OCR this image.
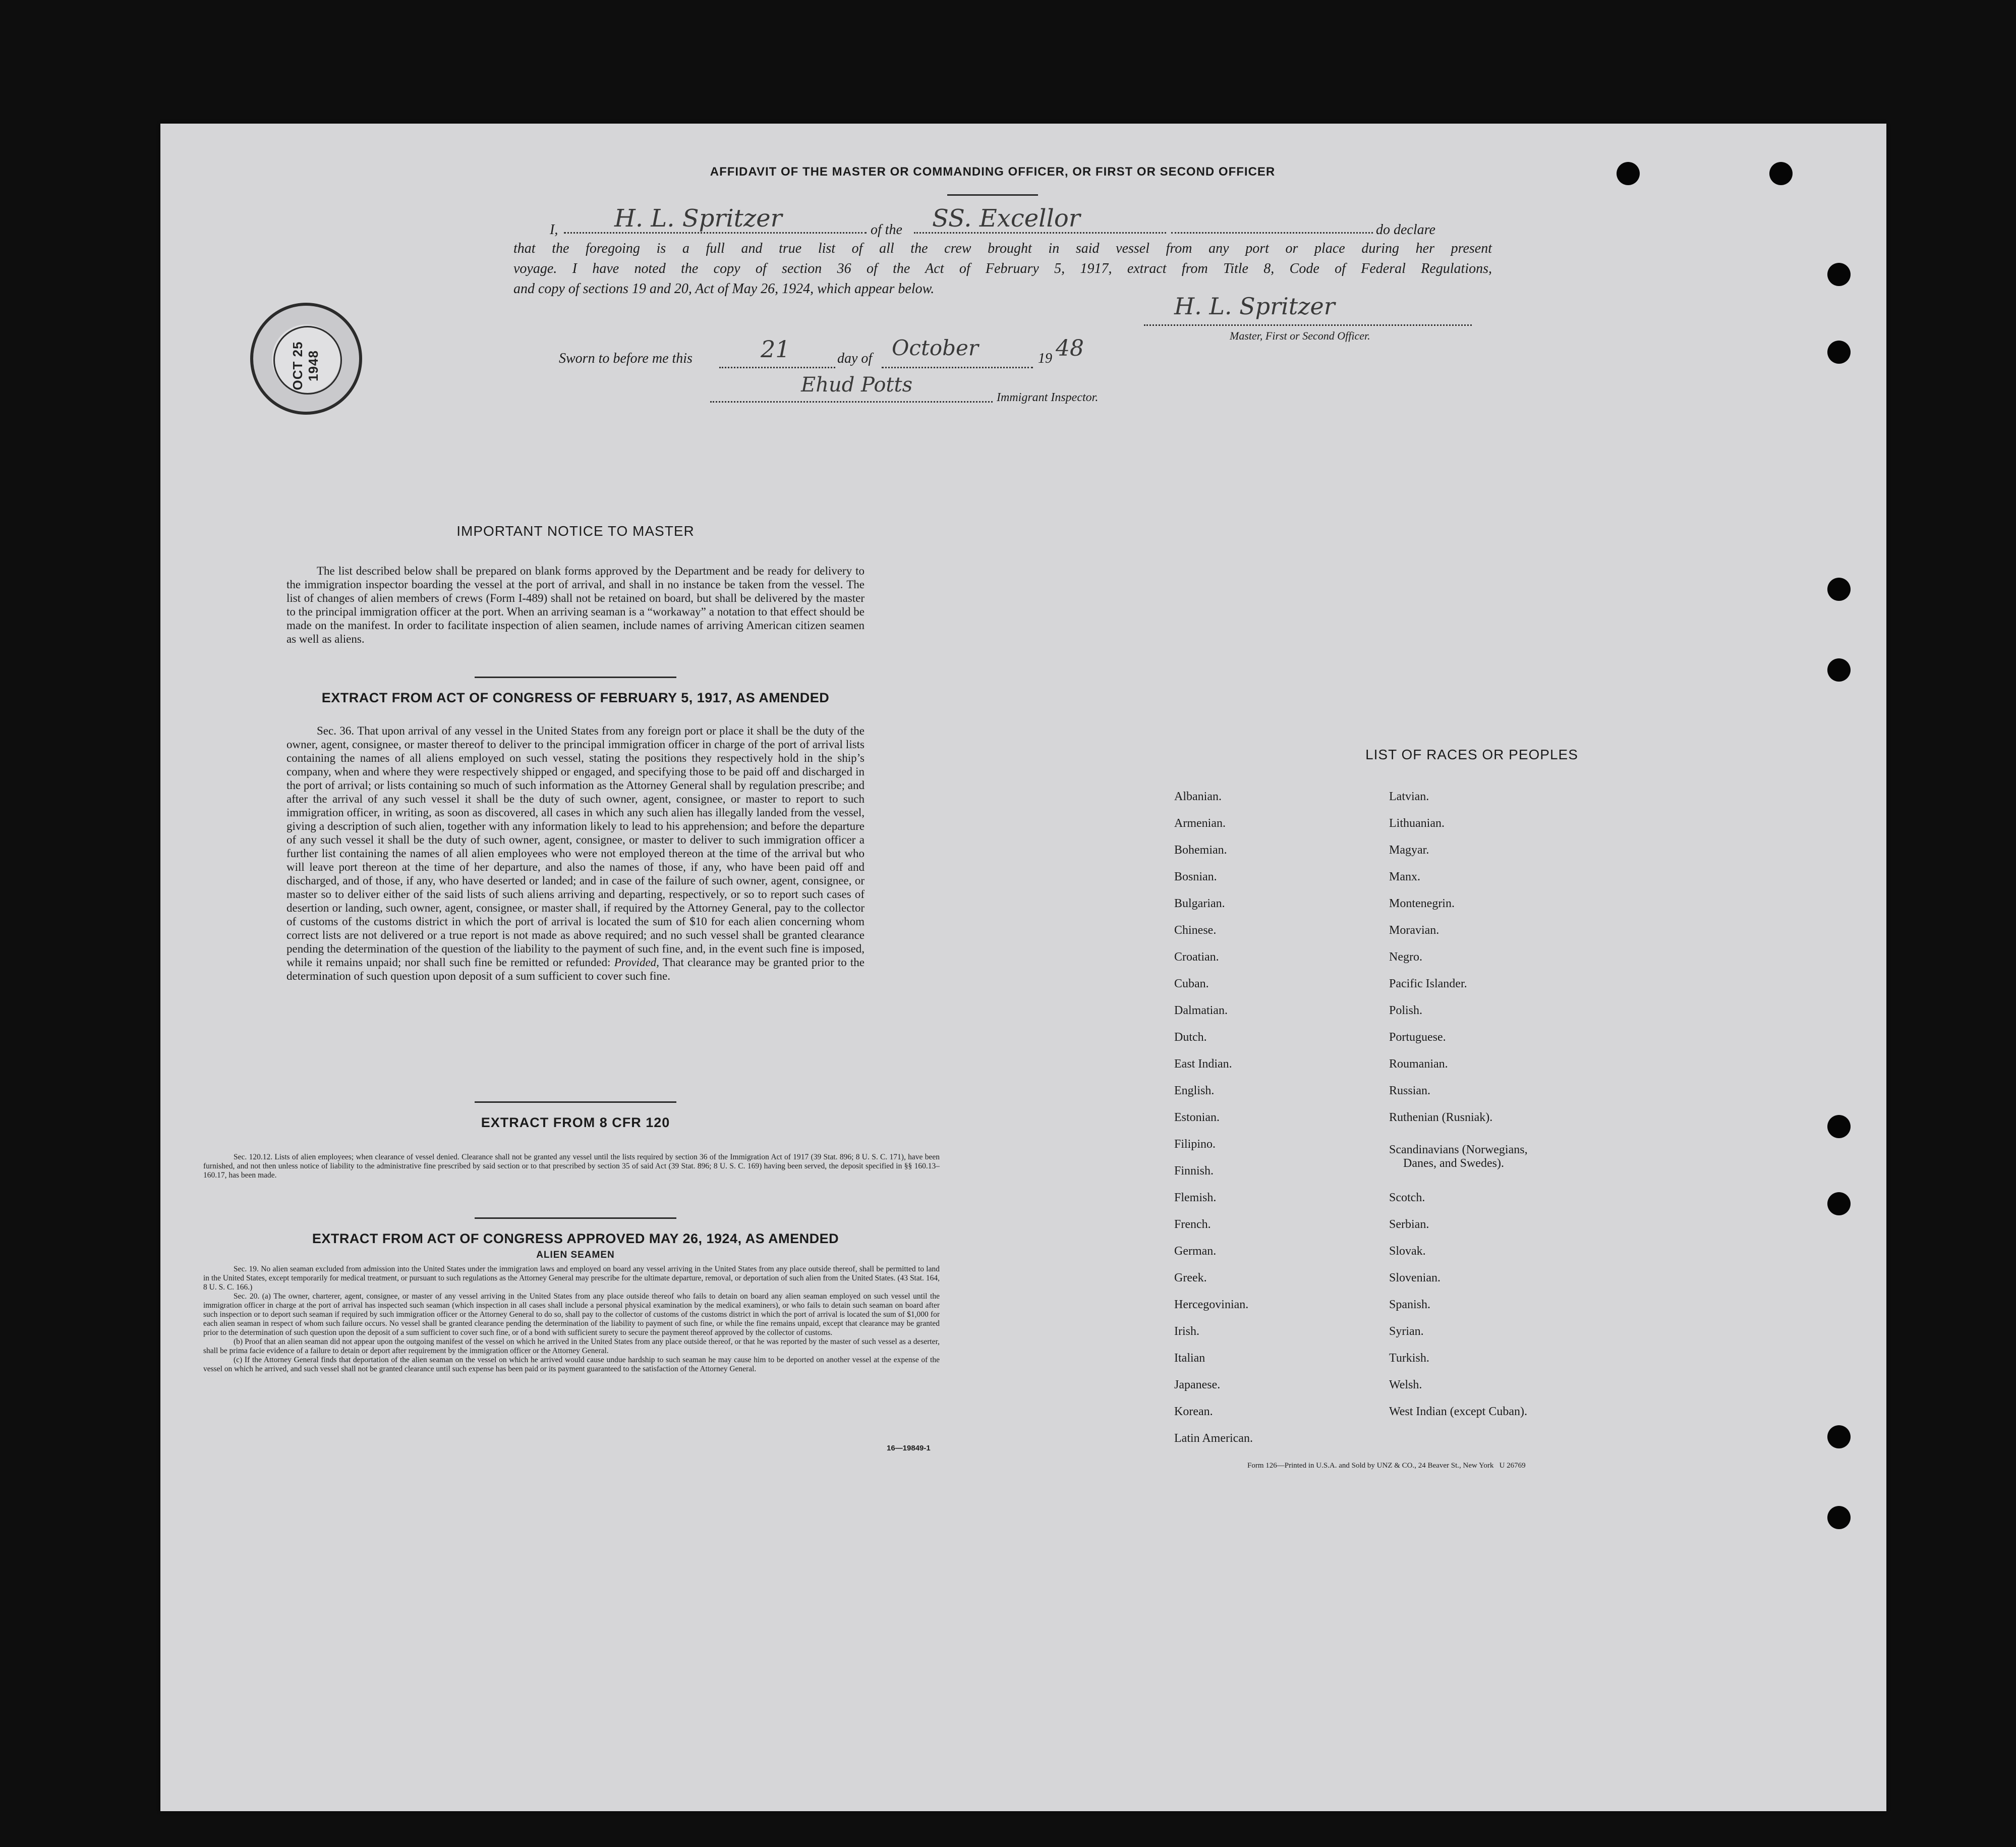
AFFIDAVIT OF THE MASTER OR COMMANDING OFFICER, OR FIRST OR SECOND OFFICER
I, H. L. Spritzer	of the SS. Excellor	do declare
that the foregoing is a full and true list of all the crew brought in said vessel from any port or place during her present
voyage. I have noted the copy of section 36 of the Act of February 5, 1917, extract from Title 8, Code of Federal Regulations,
and copy of sections 19 and 20, Act of May 26, 1924, which appear below.
H. L. Spritzer
Master, First or Second Officer.
Sworn to before me this	21	day of October	19 48
Ehud Potts
Immigrant Inspector.
OCT 25 1948
IMPORTANT NOTICE TO MASTER
The list described below shall be prepared on blank forms approved by the Department and be ready for delivery to the immigration inspector boarding the vessel at the port of arrival, and shall in no instance be taken from the vessel. The list of changes of alien members of crews (Form I-489) shall not be retained on board, but shall be delivered by the master to the principal immigration officer at the port. When an arriving seaman is a “workaway” a notation to that effect should be made on the manifest. In order to facilitate inspection of alien seamen, include names of arriving American citizen seamen as well as aliens.
EXTRACT FROM ACT OF CONGRESS OF FEBRUARY 5, 1917, AS AMENDED
Sec. 36. That upon arrival of any vessel in the United States from any foreign port or place it shall be the duty of the owner, agent, consignee, or master thereof to deliver to the principal immigration officer in charge of the port of arrival lists containing the names of all aliens employed on such vessel, stating the positions they respectively hold in the ship’s company, when and where they were respectively shipped or engaged, and specifying those to be paid off and discharged in the port of arrival; or lists containing so much of such information as the Attorney General shall by regulation prescribe; and after the arrival of any such vessel it shall be the duty of such owner, agent, consignee, or master to report to such immigration officer, in writing, as soon as discovered, all cases in which any such alien has illegally landed from the vessel, giving a description of such alien, together with any information likely to lead to his apprehension; and before the departure of any such vessel it shall be the duty of such owner, agent, consignee, or master to deliver to such immigration officer a further list containing the names of all alien employees who were not employed thereon at the time of the arrival but who will leave port thereon at the time of her departure, and also the names of those, if any, who have been paid off and discharged, and of those, if any, who have deserted or landed; and in case of the failure of such owner, agent, consignee, or master so to deliver either of the said lists of such aliens arriving and departing, respectively, or so to report such cases of desertion or landing, such owner, agent, consignee, or master shall, if required by the Attorney General, pay to the collector of customs of the customs district in which the port of arrival is located the sum of $10 for each alien concerning whom correct lists are not delivered or a true report is not made as above required; and no such vessel shall be granted clearance pending the determination of the question of the liability to the payment of such fine, and, in the event such fine is imposed, while it remains unpaid; nor shall such fine be remitted or refunded: Provided, That clearance may be granted prior to the determination of such question upon deposit of a sum sufficient to cover such fine.
EXTRACT FROM 8 CFR 120
Sec. 120.12. Lists of alien employees; when clearance of vessel denied. Clearance shall not be granted any vessel until the lists required by section 36 of the Immigration Act of 1917 (39 Stat. 896; 8 U. S. C. 171), have been furnished, and not then unless notice of liability to the administrative fine prescribed by said section or to that prescribed by section 35 of said Act (39 Stat. 896; 8 U. S. C. 169) having been served, the deposit specified in §§ 160.13–160.17, has been made.
EXTRACT FROM ACT OF CONGRESS APPROVED MAY 26, 1924, AS AMENDED
ALIEN SEAMEN
Sec. 19. No alien seaman excluded from admission into the United States under the immigration laws and employed on board any vessel arriving in the United States from any place outside thereof, shall be permitted to land in the United States, except temporarily for medical treatment, or pursuant to such regulations as the Attorney General may prescribe for the ultimate departure, removal, or deportation of such alien from the United States. (43 Stat. 164, 8 U. S. C. 166.)
Sec. 20. (a) The owner, charterer, agent, consignee, or master of any vessel arriving in the United States from any place outside thereof who fails to detain on board any alien seaman employed on such vessel until the immigration officer in charge at the port of arrival has inspected such seaman (which inspection in all cases shall include a personal physical examination by the medical examiners), or who fails to detain such seaman on board after such inspection or to deport such seaman if required by such immigration officer or the Attorney General to do so, shall pay to the collector of customs of the customs district in which the port of arrival is located the sum of $1,000 for each alien seaman in respect of whom such failure occurs. No vessel shall be granted clearance pending the determination of the liability to payment of such fine, or while the fine remains unpaid, except that clearance may be granted prior to the determination of such question upon the deposit of a sum sufficient to cover such fine, or of a bond with sufficient surety to secure the payment thereof approved by the collector of customs.
(b) Proof that an alien seaman did not appear upon the outgoing manifest of the vessel on which he arrived in the United States from any place outside thereof, or that he was reported by the master of such vessel as a deserter, shall be prima facie evidence of a failure to detain or deport after requirement by the immigration officer or the Attorney General.
(c) If the Attorney General finds that deportation of the alien seaman on the vessel on which he arrived would cause undue hardship to such seaman he may cause him to be deported on another vessel at the expense of the vessel on which he arrived, and such vessel shall not be granted clearance until such expense has been paid or its payment guaranteed to the satisfaction of the Attorney General.
16—19849-1
LIST OF RACES OR PEOPLES
Albanian.
Armenian.
Bohemian.
Bosnian.
Bulgarian.
Chinese.
Croatian.
Cuban.
Dalmatian.
Dutch.
East Indian.
English.
Estonian.
Filipino.
Finnish.
Flemish.
French.
German.
Greek.
Hercegovinian.
Irish.
Italian
Japanese.
Korean.
Latin American.
Latvian.
Lithuanian.
Magyar.
Manx.
Montenegrin.
Moravian.
Negro.
Pacific Islander.
Polish.
Portuguese.
Roumanian.
Russian.
Ruthenian (Rusniak).
Scandinavians (Norwegians,
Danes, and Swedes).
Scotch.
Serbian.
Slovak.
Slovenian.
Spanish.
Syrian.
Turkish.
Welsh.
West Indian (except Cuban).
Form 126—Printed in U.S.A. and Sold by UNZ & CO., 24 Beaver St., New York   U 26769
